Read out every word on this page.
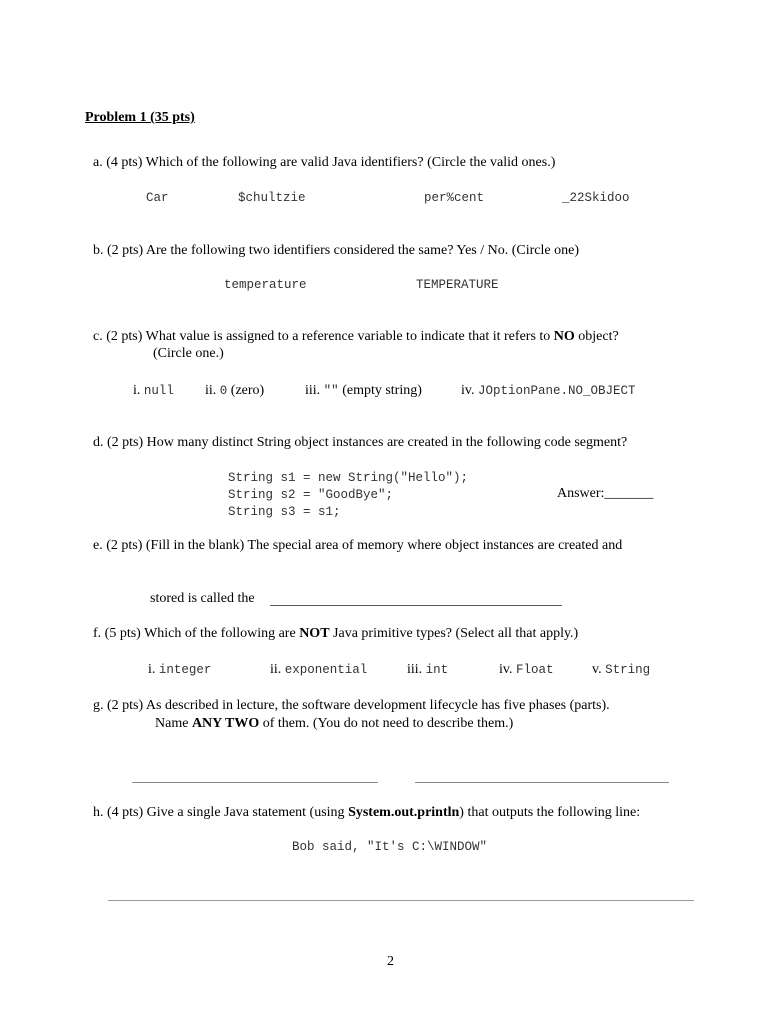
Problem 1 (35 pts)
a. (4 pts) Which of the following are valid Java identifiers? (Circle the valid ones.)
Car	$chultzie	per%cent	_22Skidoo
b. (2 pts) Are the following two identifiers considered the same? Yes / No. (Circle one)
temperature	TEMPERATURE
c. (2 pts) What value is assigned to a reference variable to indicate that it refers to NO object?
(Circle one.)
i. null ii. 0 (zero)	iii. "" (empty string)	iv. JOptionPane.NO_OBJECT
d. (2 pts) How many distinct String object instances are created in the following code segment?
String s1 = new String("Hello");
String s2 = "GoodBye";
String s3 = s1;
Answer:_______
e. (2 pts) (Fill in the blank) The special area of memory where object instances are created and
stored is called the
f. (5 pts) Which of the following are NOT Java primitive types? (Select all that apply.)
i. integer	ii. exponential	iii. int	iv. Float	v. String
g. (2 pts) As described in lecture, the software development lifecycle has five phases (parts).
Name ANY TWO of them. (You do not need to describe them.)
h. (4 pts) Give a single Java statement (using System.out.println) that outputs the following line:
Bob said, "It's C:\WINDOW"
2
